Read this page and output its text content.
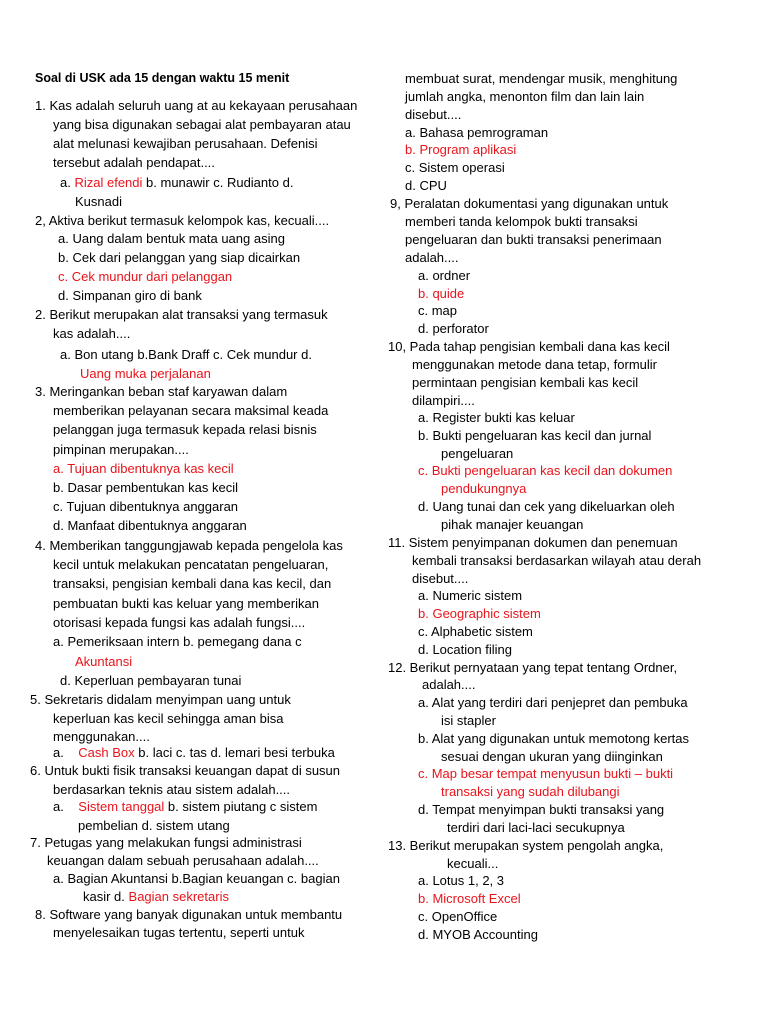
Soal di USK ada 15 dengan waktu 15 menit
1. Kas adalah seluruh uang at au kekayaan perusahaan
yang bisa digunakan sebagai alat pembayaran atau
alat melunasi kewajiban perusahaan. Defenisi
tersebut adalah pendapat....
a. Rizal efendi b. munawir c. Rudianto d.
Kusnadi
2, Aktiva berikut termasuk kelompok kas, kecuali....
a. Uang dalam bentuk mata uang asing
b. Cek dari pelanggan yang siap dicairkan
c. Cek mundur dari pelanggan
d. Simpanan giro di bank
2. Berikut merupakan alat transaksi yang termasuk
kas adalah....
a. Bon utang b.Bank Draff c. Cek mundur d.
Uang muka perjalanan
3. Meringankan beban staf karyawan dalam
memberikan pelayanan secara maksimal keada
pelanggan juga termasuk kepada relasi bisnis
pimpinan merupakan....
a. Tujuan dibentuknya kas kecil
b. Dasar pembentukan kas kecil
c. Tujuan dibentuknya anggaran
d. Manfaat dibentuknya anggaran
4. Memberikan tanggungjawab kepada pengelola kas
kecil untuk melakukan pencatatan pengeluaran,
transaksi, pengisian kembali dana kas kecil, dan
pembuatan bukti kas keluar yang memberikan
otorisasi kepada fungsi kas adalah fungsi....
a. Pemeriksaan intern b. pemegang dana c
Akuntansi
d. Keperluan pembayaran tunai
5. Sekretaris didalam menyimpan uang untuk
keperluan kas kecil sehingga aman bisa
menggunakan....
a. Cash Box b. laci c. tas d. lemari besi terbuka
6. Untuk bukti fisik transaksi keuangan dapat di susun
berdasarkan teknis atau sistem adalah....
a. Sistem tanggal b. sistem piutang c sistem
pembelian d. sistem utang
7. Petugas yang melakukan fungsi administrasi
keuangan dalam sebuah perusahaan adalah....
a. Bagian Akuntansi b.Bagian keuangan c. bagian
kasir d. Bagian sekretaris
8. Software yang banyak digunakan untuk membantu
menyelesaikan tugas tertentu, seperti untuk
membuat surat, mendengar musik, menghitung
jumlah angka, menonton film dan lain lain
disebut....
a. Bahasa pemrograman
b. Program aplikasi
c. Sistem operasi
d. CPU
9, Peralatan dokumentasi yang digunakan untuk
memberi tanda kelompok bukti transaksi
pengeluaran dan bukti transaksi penerimaan
adalah....
a. ordner
b. quide
c. map
d. perforator
10, Pada tahap pengisian kembali dana kas kecil
menggunakan metode dana tetap, formulir
permintaan pengisian kembali kas kecil
dilampiri....
a. Register bukti kas keluar
b. Bukti pengeluaran kas kecil dan jurnal
pengeluaran
c. Bukti pengeluaran kas kecil dan dokumen
pendukungnya
d. Uang tunai dan cek yang dikeluarkan oleh
pihak manajer keuangan
11. Sistem penyimpanan dokumen dan penemuan
kembali transaksi berdasarkan wilayah atau derah
disebut....
a. Numeric sistem
b. Geographic sistem
c. Alphabetic sistem
d. Location filing
12. Berikut pernyataan yang tepat tentang Ordner,
adalah....
a. Alat yang terdiri dari penjepret dan pembuka
isi stapler
b. Alat yang digunakan untuk memotong kertas
sesuai dengan ukuran yang diinginkan
c. Map besar tempat menyusun bukti – bukti
transaksi yang sudah dilubangi
d. Tempat menyimpan bukti transaksi yang
terdiri dari laci-laci secukupnya
13. Berikut merupakan system pengolah angka,
kecuali...
a. Lotus 1, 2, 3
b. Microsoft Excel
c. OpenOffice
d. MYOB Accounting
